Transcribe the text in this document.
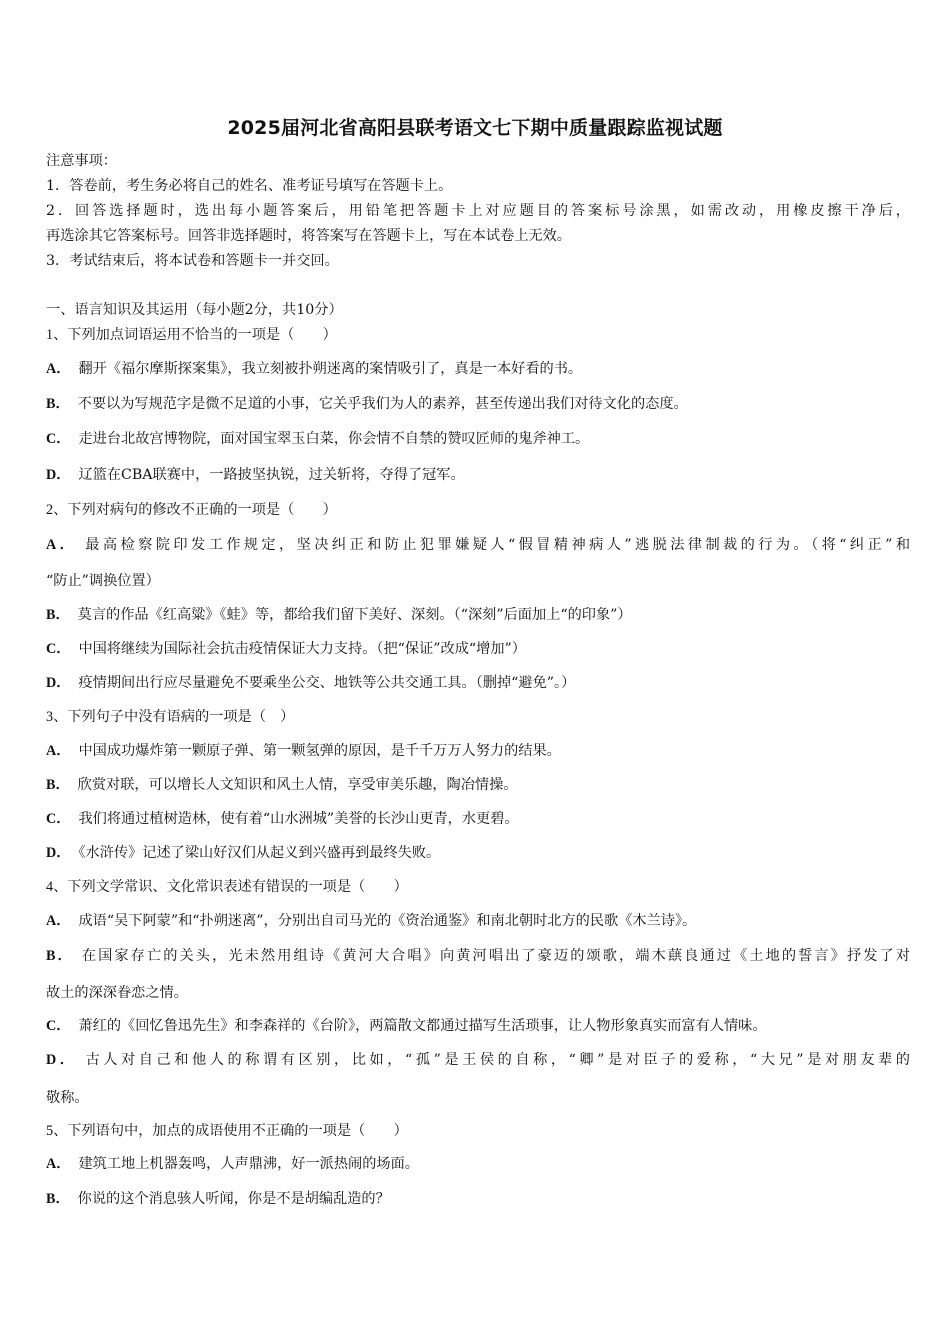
2025届河北省高阳县联考语文七下期中质量跟踪监视试题
注意事项：
1．答卷前，考生务必将自己的姓名、准考证号填写在答题卡上。
2．回答选择题时，选出每小题答案后，用铅笔把答题卡上对应题目的答案标号涂黑，如需改动，用橡皮擦干净后，
再选涂其它答案标号。回答非选择题时，将答案写在答题卡上，写在本试卷上无效。
3．考试结束后，将本试卷和答题卡一并交回。
一、语言知识及其运用（每小题2分，共10分）
1、下列加点词语运用不恰当的一项是（　　）
A． 翻开《福尔摩斯探案集》，我立刻被扑朔迷离的案情吸引了，真是一本好看的书。
B． 不要以为写规范字是微不足道的小事，它关乎我们为人的素养，甚至传递出我们对待文化的态度。
C． 走进台北故宫博物院，面对国宝翠玉白菜，你会情不自禁的赞叹匠师的鬼斧神工。
D． 辽篮在CBA联赛中，一路披坚执锐，过关斩将，夺得了冠军。
2、下列对病句的修改不正确的一项是（　　）
A． 最高检察院印发工作规定，坚决纠正和防止犯罪嫌疑人“假冒精神病人”逃脱法律制裁的行为。（将“纠正”和
“防止”调换位置）
B． 莫言的作品《红高粱》《蛙》等，都给我们留下美好、深刻。（“深刻”后面加上“的印象”）
C． 中国将继续为国际社会抗击疫情保证大力支持。（把“保证”改成“增加”）
D． 疫情期间出行应尽量避免不要乘坐公交、地铁等公共交通工具。（删掉“避免”。）
3、下列句子中没有语病的一项是（　）
A． 中国成功爆炸第一颗原子弹、第一颗氢弹的原因，是千千万万人努力的结果。
B． 欣赏对联，可以增长人文知识和风土人情，享受审美乐趣，陶冶情操。
C． 我们将通过植树造林，使有着“山水洲城”美誉的长沙山更青，水更碧。
D． 《水浒传》记述了梁山好汉们从起义到兴盛再到最终失败。
4、下列文学常识、文化常识表述有错误的一项是（　　）
A． 成语“吴下阿蒙”和“扑朔迷离”，分别出自司马光的《资治通鉴》和南北朝时北方的民歌《木兰诗》。
B． 在国家存亡的关头，光未然用组诗《黄河大合唱》向黄河唱出了豪迈的颂歌，端木蕻良通过《土地的誓言》抒发了对
故土的深深眷恋之情。
C． 萧红的《回忆鲁迅先生》和李森祥的《台阶》，两篇散文都通过描写生活琐事，让人物形象真实而富有人情味。
D． 古人对自己和他人的称谓有区别，比如，“孤”是王侯的自称，“卿”是对臣子的爱称，“大兄”是对朋友辈的
敬称。
5、下列语句中，加点的成语使用不正确的一项是（　　）
A． 建筑工地上机器轰鸣，人声鼎沸，好一派热闹的场面。
B． 你说的这个消息骇人听闻，你是不是胡编乱造的？
